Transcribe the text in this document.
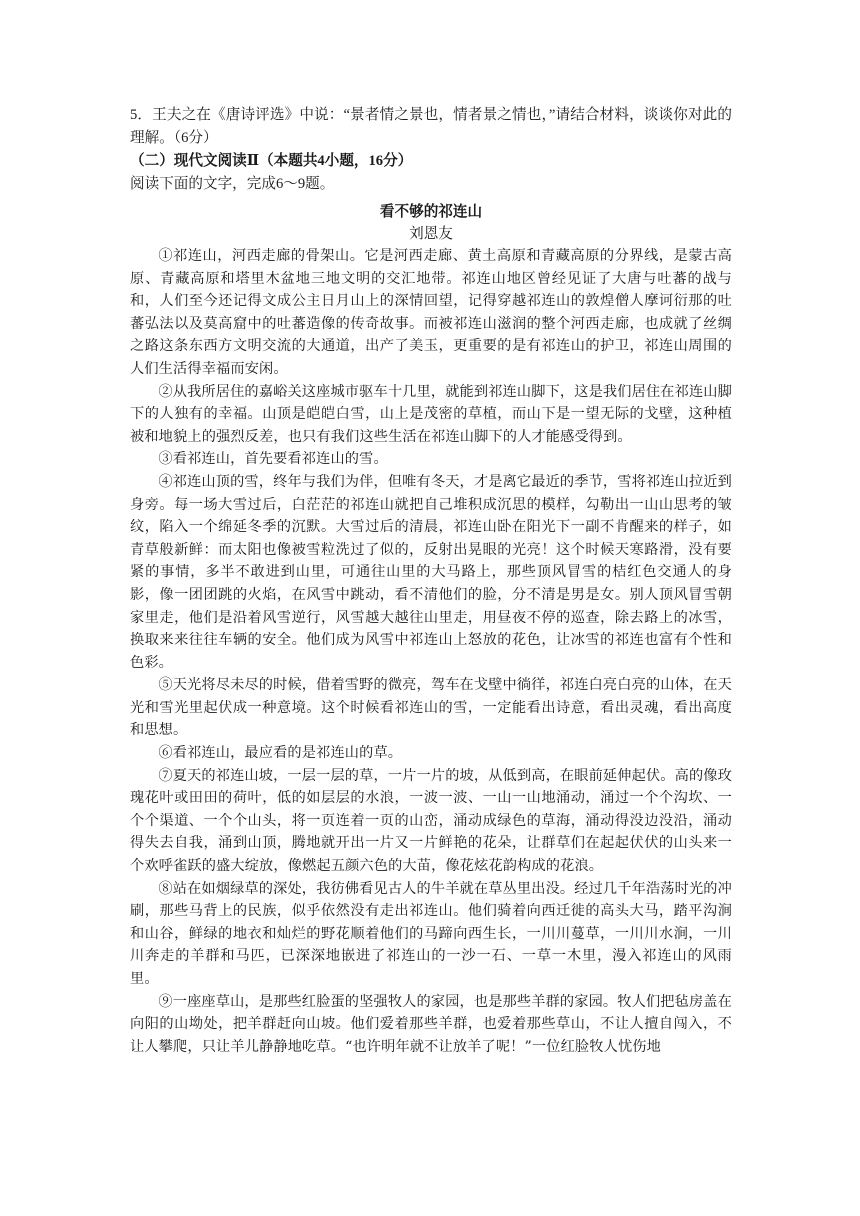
5．王夫之在《唐诗评选》中说：“景者情之景也，情者景之情也，”请结合材料，谈谈你对此的理解。（6分）

（二）现代文阅读Ⅱ（本题共4小题，16分）

阅读下面的文字，完成6～9题。

看不够的祁连山

刘恩友

①祁连山，河西走廊的骨架山。它是河西走廊、黄土高原和青藏高原的分界线，是蒙古高原、青藏高原和塔里木盆地三地文明的交汇地带。祁连山地区曾经见证了大唐与吐蕃的战与和，人们至今还记得文成公主日月山上的深情回望，记得穿越祁连山的敦煌僧人摩诃衍那的吐蕃弘法以及莫高窟中的吐蕃造像的传奇故事。而被祁连山滋润的整个河西走廊，也成就了丝绸之路这条东西方文明交流的大通道，出产了美玉，更重要的是有祁连山的护卫，祁连山周围的人们生活得幸福而安闲。

②从我所居住的嘉峪关这座城市驱车十几里，就能到祁连山脚下，这是我们居住在祁连山脚下的人独有的幸福。山顶是皑皑白雪，山上是茂密的草植，而山下是一望无际的戈壁，这种植被和地貌上的强烈反差，也只有我们这些生活在祁连山脚下的人才能感受得到。

③看祁连山，首先要看祁连山的雪。

④祁连山顶的雪，终年与我们为伴，但唯有冬天，才是离它最近的季节，雪将祁连山拉近到身旁。每一场大雪过后，白茫茫的祁连山就把自己堆积成沉思的模样，勾勒出一山山思考的皱纹，陷入一个绵延冬季的沉默。大雪过后的清晨，祁连山卧在阳光下一副不肯醒来的样子，如青草般新鲜：而太阳也像被雪粒洗过了似的，反射出晃眼的光亮！这个时候天寒路滑，没有要紧的事情，多半不敢进到山里，可通往山里的大马路上，那些顶风冒雪的桔红色交通人的身影，像一团团跳的火焰，在风雪中跳动，看不清他们的脸，分不清是男是女。别人顶风冒雪朝家里走，他们是沿着风雪逆行，风雪越大越往山里走，用昼夜不停的巡查，除去路上的冰雪，换取来来往往车辆的安全。他们成为风雪中祁连山上怒放的花色，让冰雪的祁连也富有个性和色彩。

⑤天光将尽未尽的时候，借着雪野的微亮，驾车在戈壁中徜徉，祁连白亮白亮的山体，在天光和雪光里起伏成一种意境。这个时候看祁连山的雪，一定能看出诗意，看出灵魂，看出高度和思想。

⑥看祁连山，最应看的是祁连山的草。

⑦夏天的祁连山坡，一层一层的草，一片一片的坡，从低到高，在眼前延伸起伏。高的像玫瑰花叶或田田的荷叶，低的如层层的水浪，一波一波、一山一山地涌动，涌过一个个沟坎、一个个渠道、一个个山头，将一页连着一页的山峦，涌动成绿色的草海，涌动得没边没沿，涌动得失去自我，涌到山顶，腾地就开出一片又一片鲜艳的花朵，让群草们在起起伏伏的山头来一个欢呼雀跃的盛大绽放，像燃起五颜六色的大苗，像花炫花韵构成的花浪。

⑧站在如烟绿草的深处，我彷佛看见古人的牛羊就在草丛里出没。经过几千年浩荡时光的冲刷，那些马背上的民族，似乎依然没有走出祁连山。他们骑着向西迁徙的高头大马，踏平沟涧和山谷，鲜绿的地衣和灿烂的野花顺着他们的马蹄向西生长，一川川蔓草，一川川水涧，一川川奔走的羊群和马匹，已深深地嵌进了祁连山的一沙一石、一草一木里，漫入祁连山的风雨里。

⑨一座座草山，是那些红脸蛋的坚强牧人的家园，也是那些羊群的家园。牧人们把毡房盖在向阳的山坳处，把羊群赶向山坡。他们爱着那些羊群，也爱着那些草山，不让人擅自闯入，不让人攀爬，只让羊儿静静地吃草。“也许明年就不让放羊了呢！”一位红脸牧人忧伤地
